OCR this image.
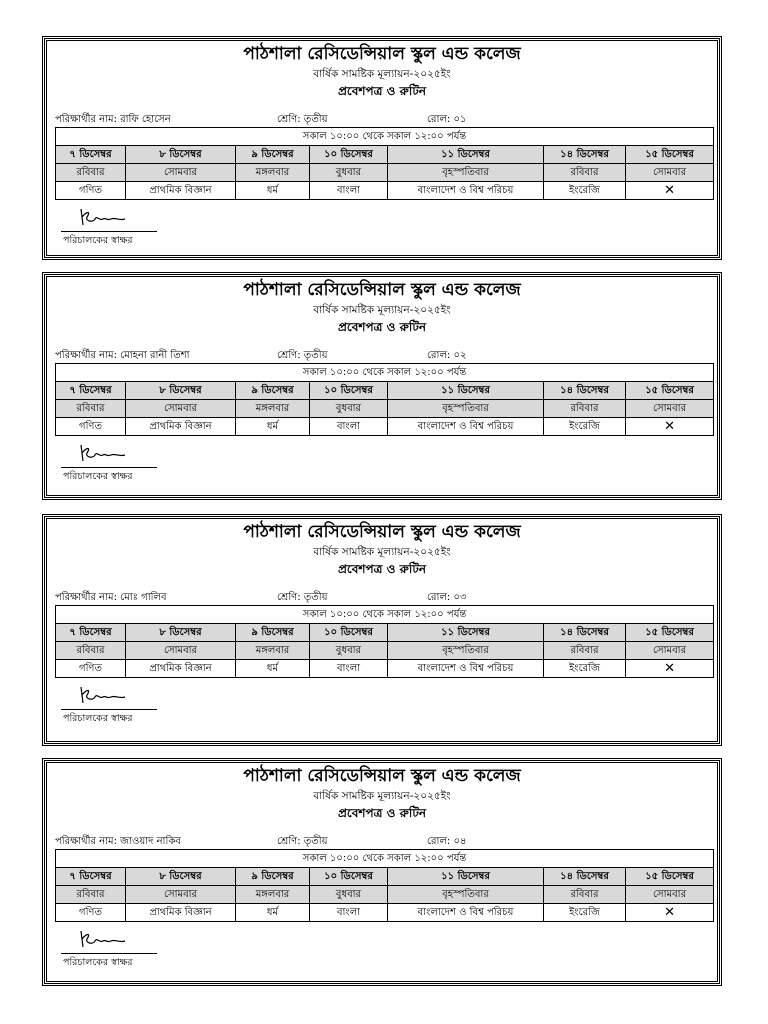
পাঠশালা রেসিডেন্সিয়াল স্কুল এন্ড কলেজ
বার্ষিক সামষ্টিক মূল্যায়ন-২০২৫ইং
প্রবেশপত্র ও রুটিন
পরিক্ষার্থীর নাম: রাফি হোসেন	শ্রেণি: তৃতীয়	রোল: ০১
সকাল ১০:০০ থেকে সকাল ১২:০০ পর্যন্ত						
৭ ডিসেম্বর	৮ ডিসেম্বর	৯ ডিসেম্বর	১০ ডিসেম্বর	১১ ডিসেম্বর	১৪ ডিসেম্বর	১৫ ডিসেম্বর
রবিবার	সোমবার	মঙ্গলবার	বুধবার	বৃহস্পতিবার	রবিবার	সোমবার
গণিত	প্রাথমিক বিজ্ঞান	ধর্ম	বাংলা	বাংলাদেশ ও বিশ্ব পরিচয়	ইংরেজি	✕
পরিচালকের স্বাক্ষর
পাঠশালা রেসিডেন্সিয়াল স্কুল এন্ড কলেজ
বার্ষিক সামষ্টিক মূল্যায়ন-২০২৫ইং
প্রবেশপত্র ও রুটিন
পরিক্ষার্থীর নাম: মোহনা রানী তিশা	শ্রেণি: তৃতীয়	রোল: ০২
সকাল ১০:০০ থেকে সকাল ১২:০০ পর্যন্ত						
৭ ডিসেম্বর	৮ ডিসেম্বর	৯ ডিসেম্বর	১০ ডিসেম্বর	১১ ডিসেম্বর	১৪ ডিসেম্বর	১৫ ডিসেম্বর
রবিবার	সোমবার	মঙ্গলবার	বুধবার	বৃহস্পতিবার	রবিবার	সোমবার
গণিত	প্রাথমিক বিজ্ঞান	ধর্ম	বাংলা	বাংলাদেশ ও বিশ্ব পরিচয়	ইংরেজি	✕
পরিচালকের স্বাক্ষর
পাঠশালা রেসিডেন্সিয়াল স্কুল এন্ড কলেজ
বার্ষিক সামষ্টিক মূল্যায়ন-২০২৫ইং
প্রবেশপত্র ও রুটিন
পরিক্ষার্থীর নাম: মোঃ গালিব	শ্রেণি: তৃতীয়	রোল: ০৩
সকাল ১০:০০ থেকে সকাল ১২:০০ পর্যন্ত						
৭ ডিসেম্বর	৮ ডিসেম্বর	৯ ডিসেম্বর	১০ ডিসেম্বর	১১ ডিসেম্বর	১৪ ডিসেম্বর	১৫ ডিসেম্বর
রবিবার	সোমবার	মঙ্গলবার	বুধবার	বৃহস্পতিবার	রবিবার	সোমবার
গণিত	প্রাথমিক বিজ্ঞান	ধর্ম	বাংলা	বাংলাদেশ ও বিশ্ব পরিচয়	ইংরেজি	✕
পরিচালকের স্বাক্ষর
পাঠশালা রেসিডেন্সিয়াল স্কুল এন্ড কলেজ
বার্ষিক সামষ্টিক মূল্যায়ন-২০২৫ইং
প্রবেশপত্র ও রুটিন
পরিক্ষার্থীর নাম: জাওয়াদ নাকিব	শ্রেণি: তৃতীয়	রোল: ০৪
সকাল ১০:০০ থেকে সকাল ১২:০০ পর্যন্ত						
৭ ডিসেম্বর	৮ ডিসেম্বর	৯ ডিসেম্বর	১০ ডিসেম্বর	১১ ডিসেম্বর	১৪ ডিসেম্বর	১৫ ডিসেম্বর
রবিবার	সোমবার	মঙ্গলবার	বুধবার	বৃহস্পতিবার	রবিবার	সোমবার
গণিত	প্রাথমিক বিজ্ঞান	ধর্ম	বাংলা	বাংলাদেশ ও বিশ্ব পরিচয়	ইংরেজি	✕
পরিচালকের স্বাক্ষর
